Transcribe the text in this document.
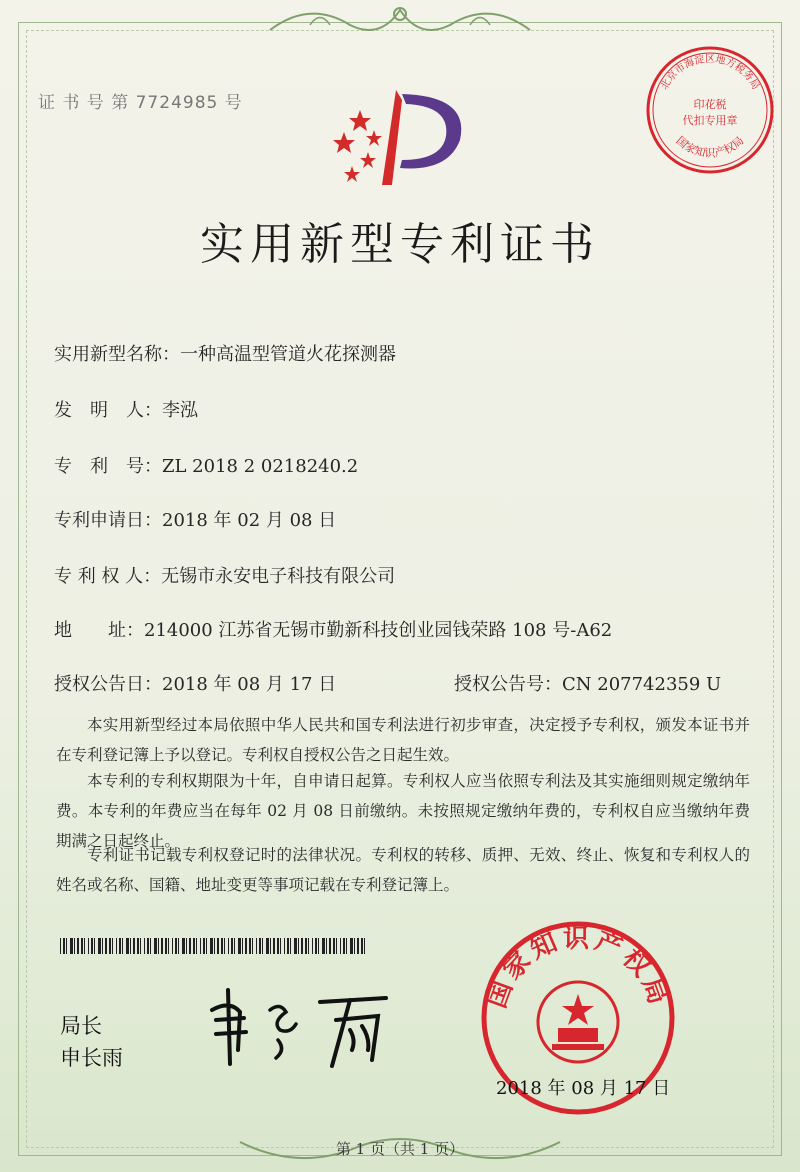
证 书 号 第 7724985 号
北京市海淀区地方税务局
印花税
代扣专用章
国家知识产权局
实用新型专利证书
实用新型名称：一种高温型管道火花探测器
发　明　人：李泓
专　利　号：ZL 2018 2 0218240.2
专利申请日：2018 年 02 月 08 日
专 利 权 人：无锡市永安电子科技有限公司
地　　址：214000 江苏省无锡市勤新科技创业园钱荣路 108 号-A62
授权公告日：2018 年 08 月 17 日	授权公告号：CN 207742359 U
本实用新型经过本局依照中华人民共和国专利法进行初步审查，决定授予专利权，颁发本证书并在专利登记簿上予以登记。专利权自授权公告之日起生效。
本专利的专利权期限为十年，自申请日起算。专利权人应当依照专利法及其实施细则规定缴纳年费。本专利的年费应当在每年 02 月 08 日前缴纳。未按照规定缴纳年费的，专利权自应当缴纳年费期满之日起终止。
专利证书记载专利权登记时的法律状况。专利权的转移、质押、无效、终止、恢复和专利权人的姓名或名称、国籍、地址变更等事项记载在专利登记簿上。
局长
申长雨
国家知识产权局
2018 年 08 月 17 日
第 1 页（共 1 页）
